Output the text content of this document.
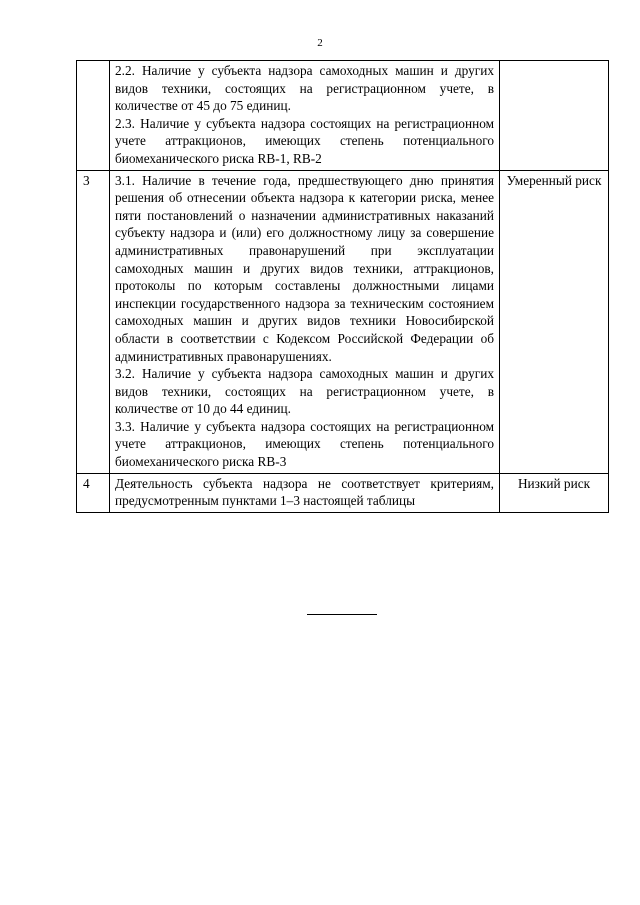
2

	2.2. Наличие у субъекта надзора самоходных машин и других видов техники, состоящих на регистрационном учете, в количестве от 45 до 75 единиц.

2.3. Наличие у субъекта надзора состоящих на регистрационном учете аттракционов, имеющих степень потенциального биомеханического риска RB-1, RB-2	

3	3.1. Наличие в течение года, предшествующего дню принятия решения об отнесении объекта надзора к категории риска, менее пяти постановлений о назначении административных наказаний субъекту надзора и (или) его должностному лицу за совершение административных правонарушений при эксплуатации самоходных машин и других видов техники, аттракционов, протоколы по которым составлены должностными лицами инспекции государственного надзора за техническим состоянием самоходных машин и других видов техники Новосибирской области в соответствии с Кодексом Российской Федерации об административных правонарушениях.

3.2. Наличие у субъекта надзора самоходных машин и других видов техники, состоящих на регистрационном учете, в количестве от 10 до 44 единиц.

3.3. Наличие у субъекта надзора состоящих на регистрационном учете аттракционов, имеющих степень потенциального биомеханического риска RB-3	Умеренный риск
4	Деятельность субъекта надзора не соответствует критериям, предусмотренным пунктами 1–3 настоящей таблицы	Низкий риск
